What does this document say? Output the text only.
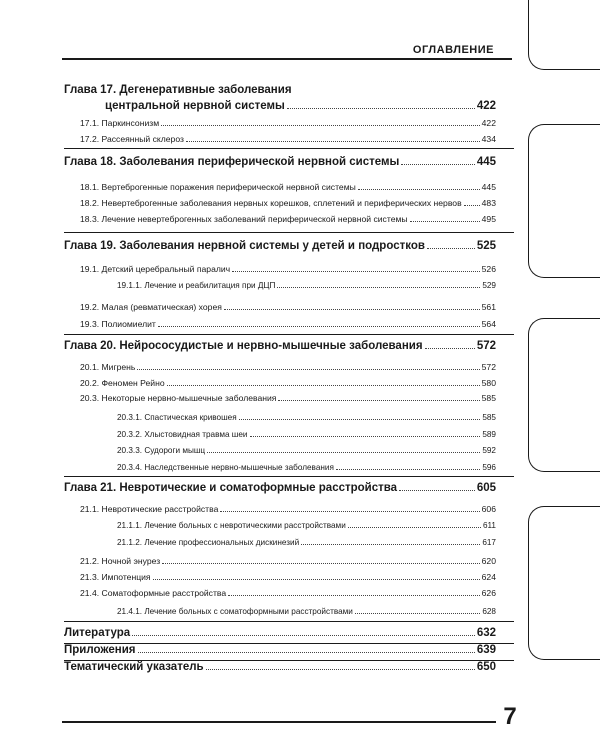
ОГЛАВЛЕНИЕ
Глава 17. Дегенеративные заболевания
центральной нервной системы	422
17.1. Паркинсонизм	422
17.2. Рассеянный склероз	434
Глава 18. Заболевания периферической нервной системы	445
18.1. Вертеброгенные поражения периферической нервной системы	445
18.2. Невертеброгенные заболевания нервных корешков, сплетений и периферических нервов 483
18.3. Лечение невертеброгенных заболеваний периферической нервной системы	495
Глава 19. Заболевания нервной системы у детей и подростков	525
19.1. Детский церебральный паралич	526
19.1.1. Лечение и реабилитация при ДЦП	529
19.2. Малая (ревматическая) хорея	561
19.3. Полиомиелит	564
Глава 20. Нейрососудистые и нервно-мышечные заболевания	572
20.1. Мигрень	572
20.2. Феномен Рейно	580
20.3. Некоторые нервно-мышечные заболевания	585
20.3.1. Спастическая кривошея	585
20.3.2. Хлыстовидная травма шеи	589
20.3.3. Судороги мышц	592
20.3.4. Наследственные нервно-мышечные заболевания	596
Глава 21. Невротические и соматоформные расстройства	605
21.1. Невротические расстройства	606
21.1.1. Лечение больных с невротическими расстройствами	611
21.1.2. Лечение профессиональных дискинезий	617
21.2. Ночной энурез	620
21.3. Импотенция	624
21.4. Соматоформные расстройства	626
21.4.1. Лечение больных с соматоформными расстройствами	628
Литература	632
Приложения	639
Тематический указатель	650
7
